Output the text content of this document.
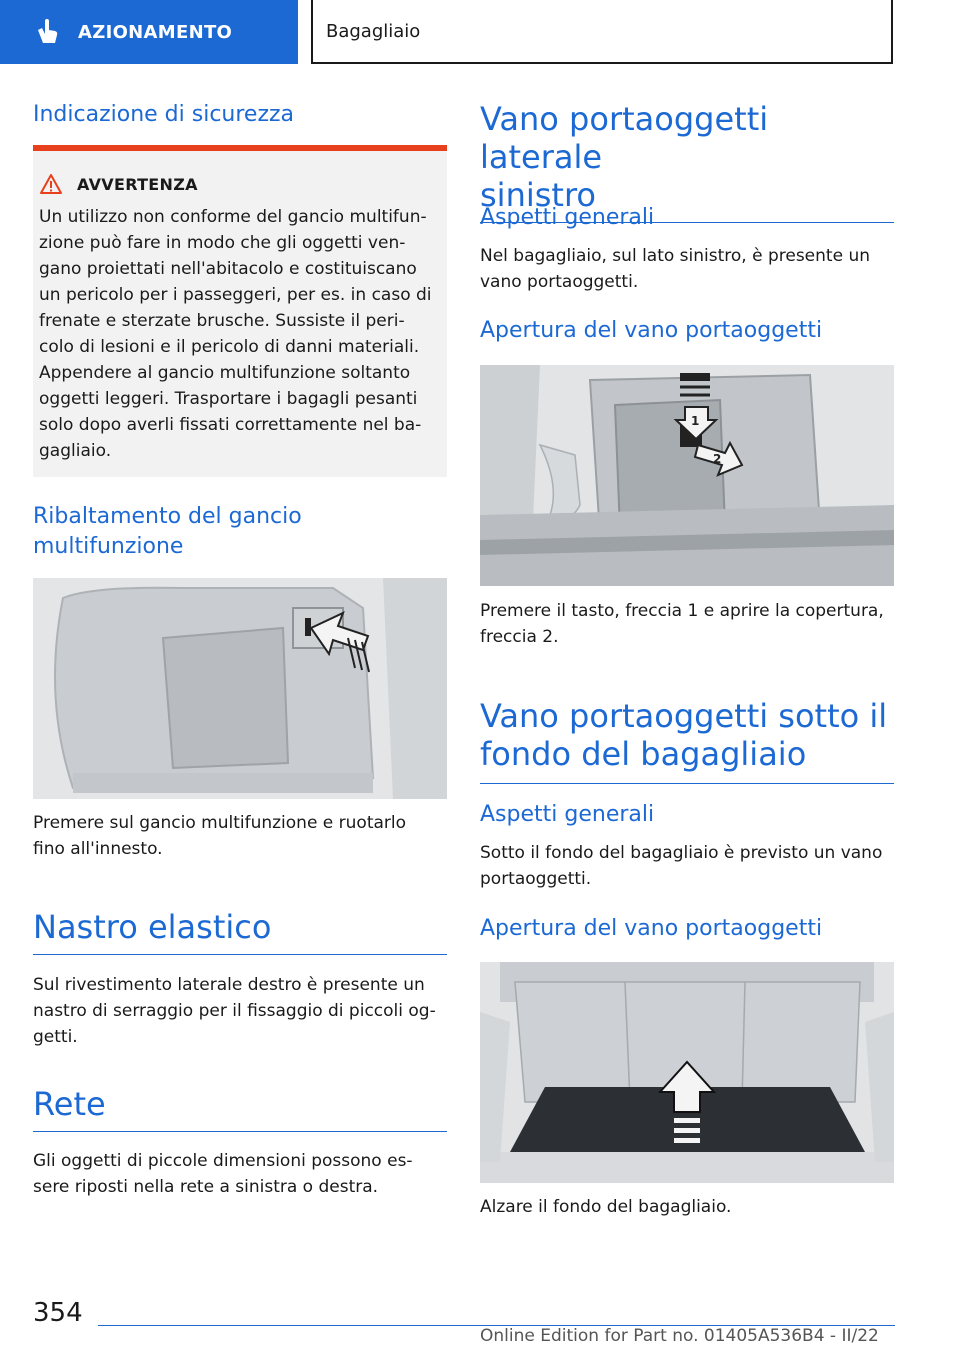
AZIONAMENTO	Bagagliaio
Indicazione di sicurezza
AVVERTENZA

Un utilizzo non conforme del gancio multifun-

zione può fare in modo che gli oggetti ven-

gano proiettati nell'abitacolo e costituiscano

un pericolo per i passeggeri, per es. in caso di

frenate e sterzate brusche. Sussiste il peri-

colo di lesioni e il pericolo di danni materiali.

Appendere al gancio multifunzione soltanto

oggetti leggeri. Trasportare i bagagli pesanti

solo dopo averli fissati correttamente nel ba-

gagliaio.

Ribaltamento del gancio
multifunzione

Premere sul gancio multifunzione e ruotarlo

fino all'innesto.

Nastro elastico

Sul rivestimento laterale destro è presente un

nastro di serraggio per il fissaggio di piccoli og-

getti.

Rete

Gli oggetti di piccole dimensioni possono es-

sere riposti nella rete a sinistra o destra.

Vano portaoggetti laterale
sinistro
Aspetti generali

Nel bagagliaio, sul lato sinistro, è presente un

vano portaoggetti.

Apertura del vano portaoggetti
1
2

Premere il tasto, freccia 1 e aprire la copertura,

freccia 2.

Vano portaoggetti sotto il
fondo del bagagliaio
Aspetti generali

Sotto il fondo del bagagliaio è previsto un vano

portaoggetti.

Apertura del vano portaoggetti

Alzare il fondo del bagagliaio.

354
Online Edition for Part no. 01405A536B4 - II/22
